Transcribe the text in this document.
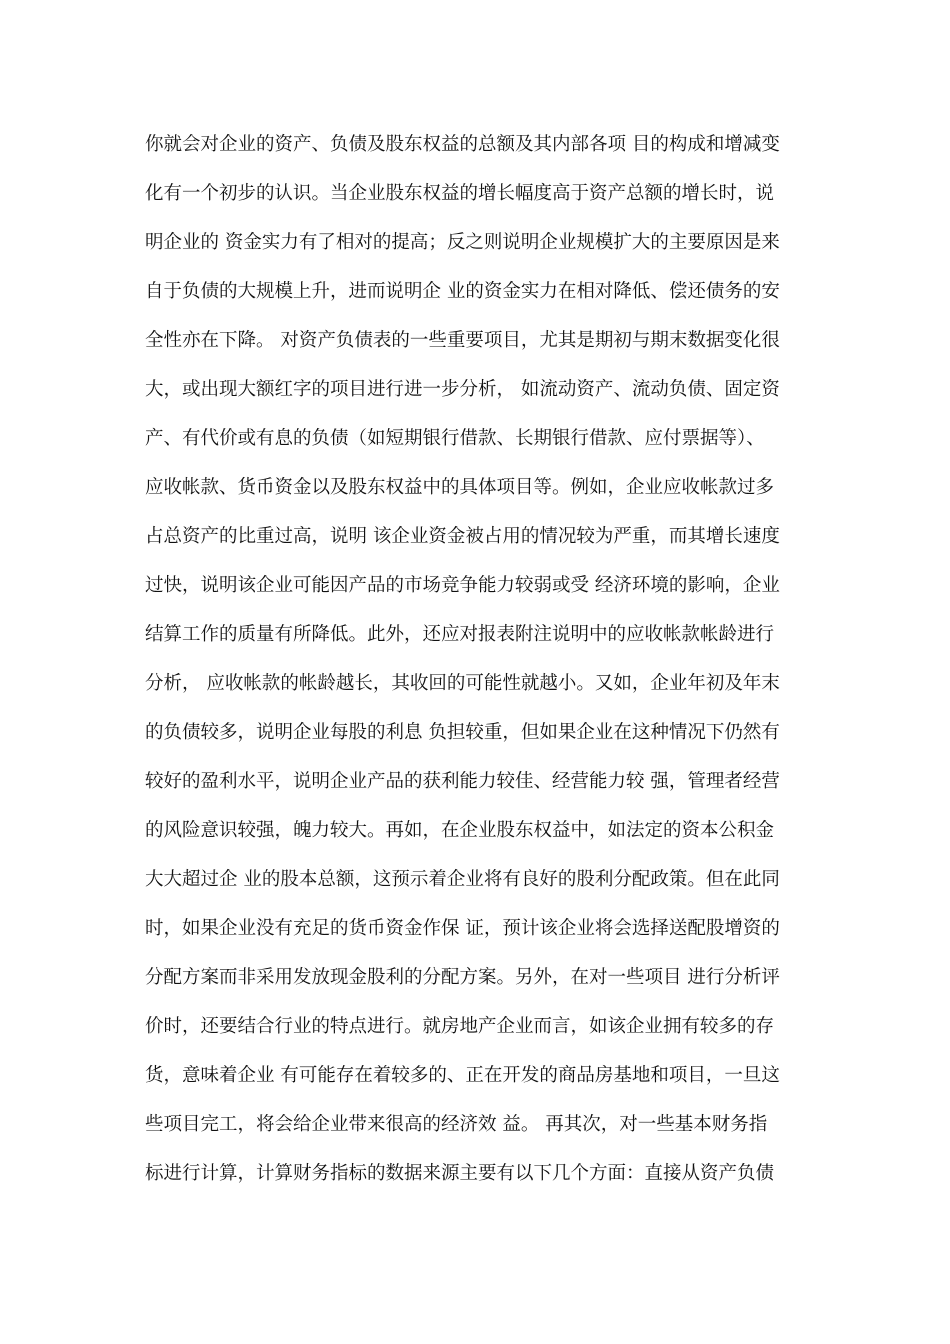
你就会对企业的资产、负债及股东权益的总额及其内部各项 目的构成和增减变
化有一个初步的认识。当企业股东权益的增长幅度高于资产总额的增长时，说
明企业的 资金实力有了相对的提高；反之则说明企业规模扩大的主要原因是来
自于负债的大规模上升，进而说明企 业的资金实力在相对降低、偿还债务的安
全性亦在下降。 对资产负债表的一些重要项目，尤其是期初与期末数据变化很
大，或出现大额红字的项目进行进一步分析， 如流动资产、流动负债、固定资
产、有代价或有息的负债（如短期银行借款、长期银行借款、应付票据等）、
应收帐款、货币资金以及股东权益中的具体项目等。例如，企业应收帐款过多
占总资产的比重过高，说明 该企业资金被占用的情况较为严重，而其增长速度
过快，说明该企业可能因产品的市场竞争能力较弱或受 经济环境的影响，企业
结算工作的质量有所降低。此外，还应对报表附注说明中的应收帐款帐龄进行
分析， 应收帐款的帐龄越长，其收回的可能性就越小。又如，企业年初及年末
的负债较多，说明企业每股的利息 负担较重，但如果企业在这种情况下仍然有
较好的盈利水平，说明企业产品的获利能力较佳、经营能力较 强，管理者经营
的风险意识较强，魄力较大。再如，在企业股东权益中，如法定的资本公积金
大大超过企 业的股本总额，这预示着企业将有良好的股利分配政策。但在此同
时，如果企业没有充足的货币资金作保 证，预计该企业将会选择送配股增资的
分配方案而非采用发放现金股利的分配方案。另外，在对一些项目 进行分析评
价时，还要结合行业的特点进行。就房地产企业而言，如该企业拥有较多的存
货，意味着企业 有可能存在着较多的、正在开发的商品房基地和项目，一旦这
些项目完工，将会给企业带来很高的经济效 益。 再其次，对一些基本财务指
标进行计算，计算财务指标的数据来源主要有以下几个方面：直接从资产负债
